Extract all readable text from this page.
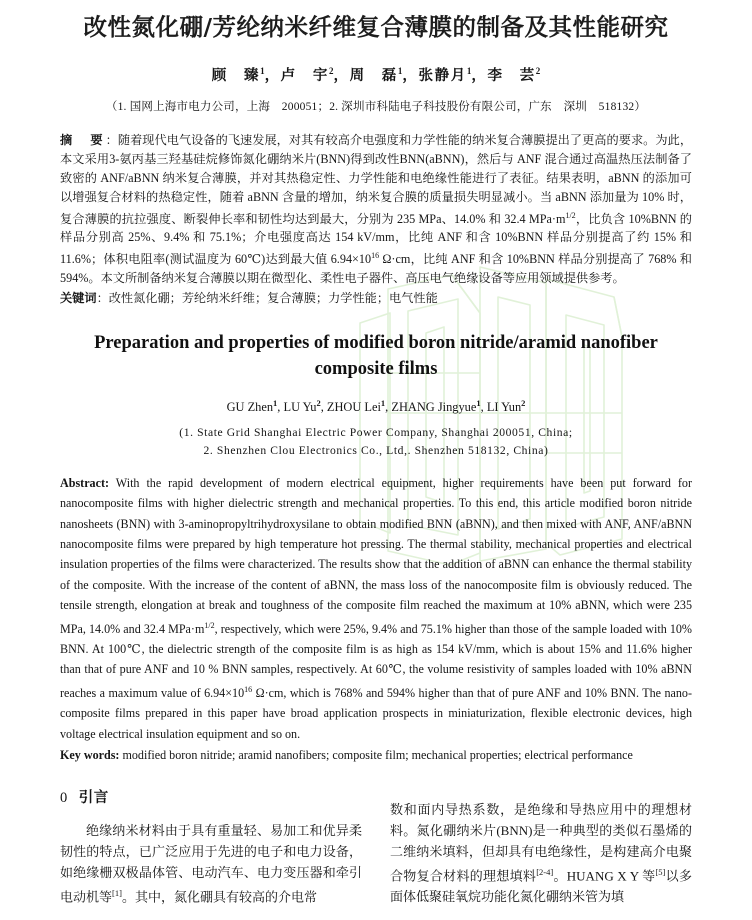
改性氮化硼/芳纶纳米纤维复合薄膜的制备及其性能研究
顾　臻$^1$，卢　宇$^2$，周　磊$^1$，张静月$^1$，李　芸$^2$
（1. 国网上海市电力公司，上海　200051；2. 深圳市科陆电子科技股份有限公司，广东　深圳　518132）
摘　要：随着现代电气设备的飞速发展，对其有较高介电强度和力学性能的纳米复合薄膜提出了更高的要求。为此，本文采用3-氨丙基三羟基硅烷修饰氮化硼纳米片(BNN)得到改性BNN(aBNN)，然后与 ANF 混合通过高温热压法制备了致密的 ANF/aBNN 纳米复合薄膜，并对其热稳定性、力学性能和电绝缘性能进行了表征。结果表明，aBNN 的添加可以增强复合材料的热稳定性，随着 aBNN 含量的增加，纳米复合膜的质量损失明显减小。当 aBNN 添加量为 10% 时，复合薄膜的抗拉强度、断裂伸长率和韧性均达到最大，分别为 235 MPa、14.0% 和 32.4 $MPa\cdot m^{1/2}$，比负含 10%BNN 的样品分别高 25%、9.4% 和 75.1%；介电强度高达 154 kV/mm，比纯 ANF 和含 10%BNN 样品分别提高了约 15% 和 11.6%；体积电阻率(测试温度为 60℃)达到最大值 $6.94\times 10^{16}$ Ω·cm，比纯 ANF 和含 10%BNN 样品分别提高了 768% 和 594%。本文所制备纳米复合薄膜以期在微型化、柔性电子器件、高压电气绝缘设备等应用领域提供参考。
关键词：改性氮化硼；芳纶纳米纤维；复合薄膜；力学性能；电气性能
Preparation and properties of modified boron nitride/aramid nanofiber composite films
GU Zhen$^1$, LU Yu$^2$, ZHOU Lei$^1$, ZHANG Jingyue$^1$, LI Yun$^2$
(1. State Grid Shanghai Electric Power Company, Shanghai 200051, China;
2. Shenzhen Clou Electronics Co., Ltd,. Shenzhen 518132, China)
Abstract: With the rapid development of modern electrical equipment, higher requirements have been put forward for nanocomposite films with higher dielectric strength and mechanical properties. To this end, this article modified boron nitride nanosheets (BNN) with 3-aminopropyltrihydroxysilane to obtain modified BNN (aBNN), and then mixed with ANF, ANF/aBNN nanocomposite films were prepared by high temperature hot pressing. The thermal stability, mechanical properties and electrical insulation properties of the films were characterized. The results show that the addition of aBNN can enhance the thermal stability of the composite. With the increase of the content of aBNN, the mass loss of the nanocomposite film is obviously reduced. The tensile strength, elongation at break and toughness of the composite film reached the maximum at 10% aBNN, which were 235 MPa, 14.0% and 32.4 $MPa\cdot m^{1/2}$, respectively, which were 25%, 9.4% and 75.1% higher than those of the sample loaded with 10% BNN. At 100℃, the dielectric strength of the composite film is as high as 154 kV/mm, which is about 15% and 11.6% higher than that of pure ANF and 10 % BNN samples, respectively. At 60℃, the volume resistivity of samples loaded with 10% aBNN reaches a maximum value of $6.94\times 10^{16}$ Ω·cm, which is 768% and 594% higher than that of pure ANF and 10% BNN. The nano-composite films prepared in this paper have broad application prospects in miniaturization, flexible electronic devices, high voltage electrical insulation equipment and so on.
Key words: modified boron nitride; aramid nanofibers; composite film; mechanical properties; electrical performance
0 引言

绝缘纳米材料由于具有重量轻、易加工和优异柔韧性的特点，已广泛应用于先进的电子和电力设备，如绝缘栅双极晶体管、电动汽车、电力变压器和牵引电动机等[1]。其中，氮化硼具有较高的介电常

数和面内导热系数，是绝缘和导热应用中的理想材料。氮化硼纳米片(BNN)是一种典型的类似石墨烯的二维纳米填料，但却具有电绝缘性，是构建高介电聚合物复合材料的理想填料[2-4]。HUANG X Y 等[5]以多面体低聚硅氧烷功能化氮化硼纳米管为填
